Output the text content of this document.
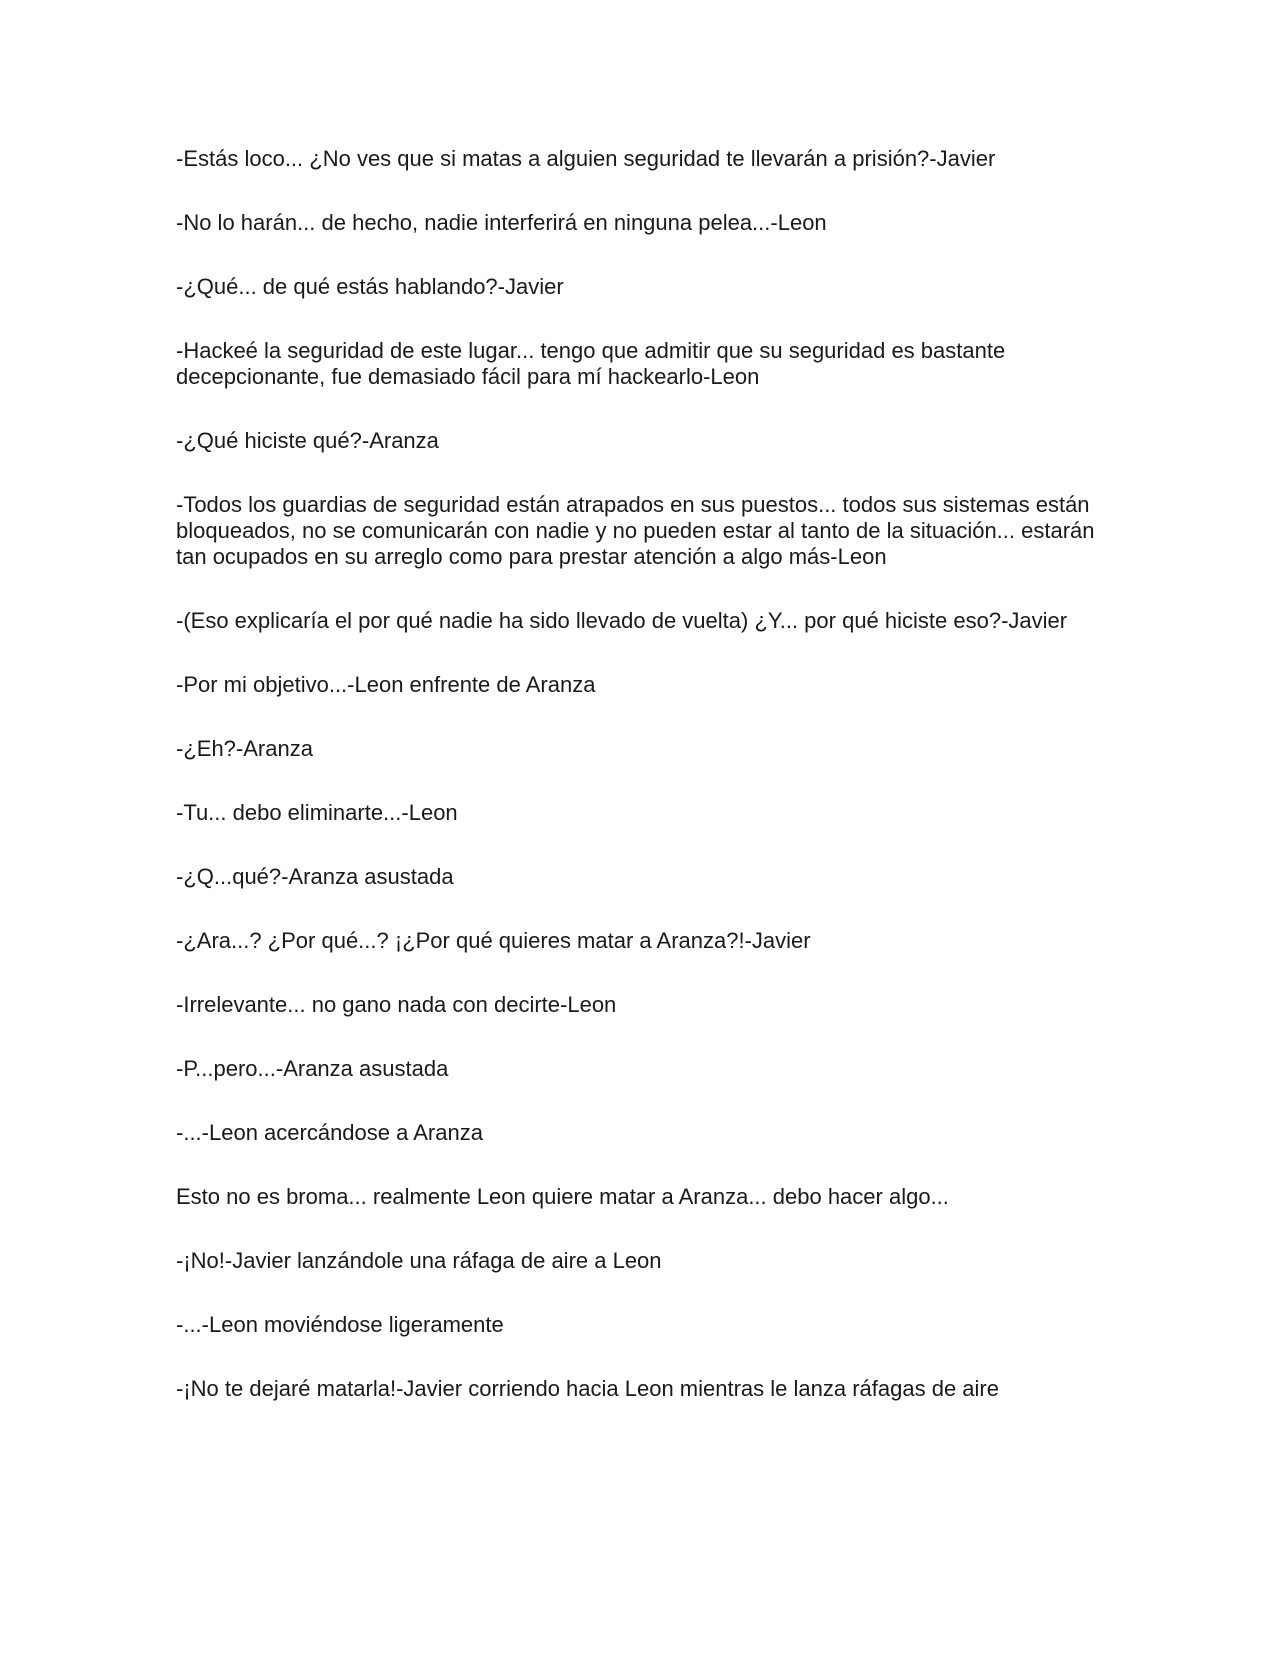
-Estás loco... ¿No ves que si matas a alguien seguridad te llevarán a prisión?-Javier

-No lo harán... de hecho, nadie interferirá en ninguna pelea...-Leon

-¿Qué... de qué estás hablando?-Javier

-Hackeé la seguridad de este lugar... tengo que admitir que su seguridad es bastante decepcionante, fue demasiado fácil para mí hackearlo-Leon

-¿Qué hiciste qué?-Aranza

-Todos los guardias de seguridad están atrapados en sus puestos... todos sus sistemas están bloqueados, no se comunicarán con nadie y no pueden estar al tanto de la situación... estarán tan ocupados en su arreglo como para prestar atención a algo más-Leon

-(Eso explicaría el por qué nadie ha sido llevado de vuelta) ¿Y... por qué hiciste eso?-Javier

-Por mi objetivo...-Leon enfrente de Aranza

-¿Eh?-Aranza

-Tu... debo eliminarte...-Leon

-¿Q...qué?-Aranza asustada

-¿Ara...? ¿Por qué...? ¡¿Por qué quieres matar a Aranza?!-Javier

-Irrelevante... no gano nada con decirte-Leon

-P...pero...-Aranza asustada

-...-Leon acercándose a Aranza

Esto no es broma... realmente Leon quiere matar a Aranza... debo hacer algo...

-¡No!-Javier lanzándole una ráfaga de aire a Leon

-...-Leon moviéndose ligeramente

-¡No te dejaré matarla!-Javier corriendo hacia Leon mientras le lanza ráfagas de aire
